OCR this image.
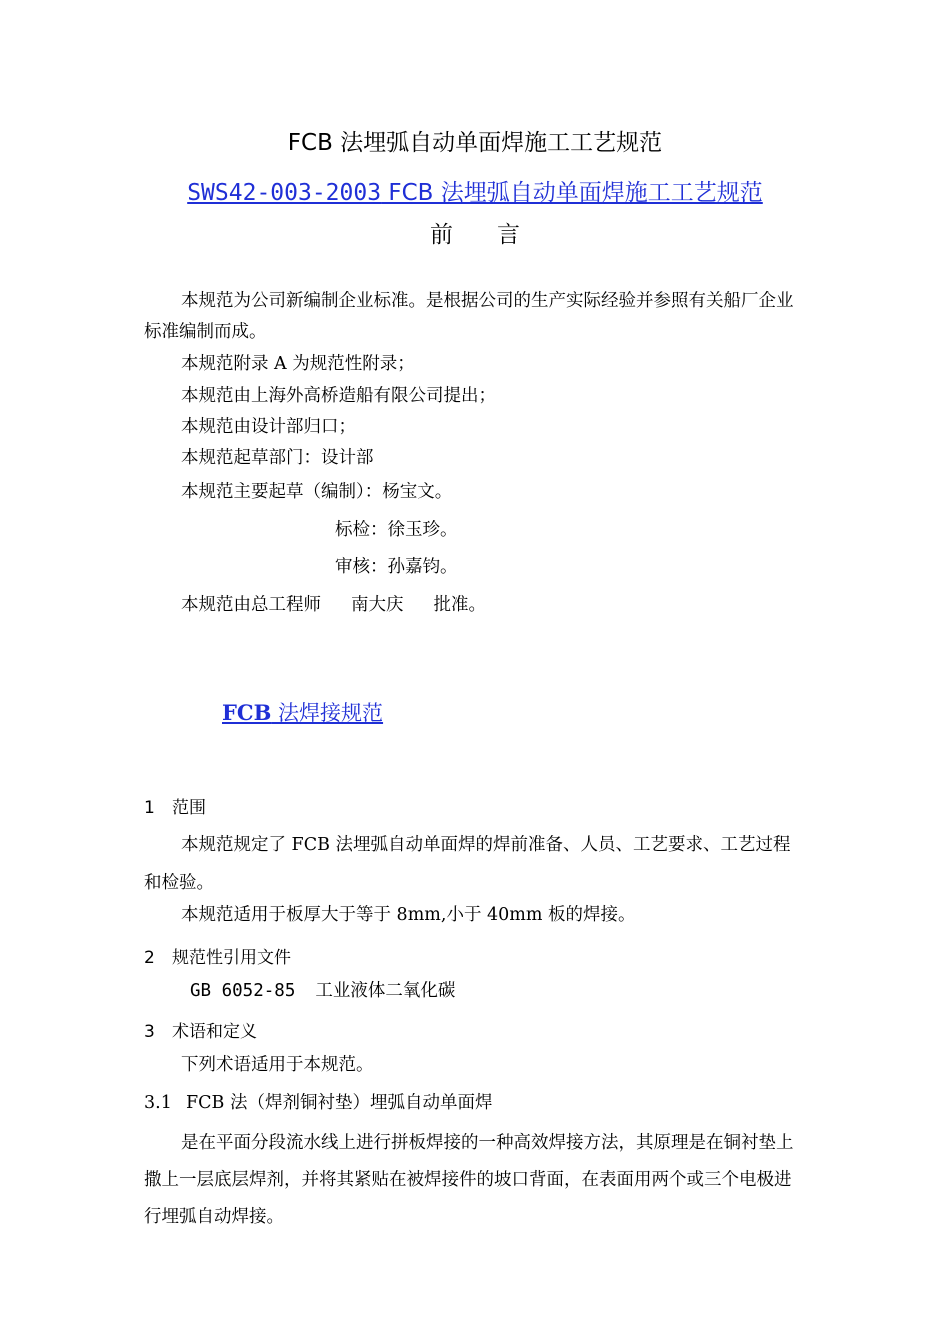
FCB 法埋弧自动单面焊施工工艺规范
SWS42-003-2003 FCB 法埋弧自动单面焊施工工艺规范
前 言
本规范为公司新编制企业标准。是根据公司的生产实际经验并参照有关船厂企业标准编制而成。
本规范附录 A 为规范性附录；
本规范由上海外高桥造船有限公司提出；
本规范由设计部归口；
本规范起草部门：设计部
本规范主要起草（编制）：杨宝文。
标检：徐玉珍。
审核：孙嘉钧。
本规范由总工程师 南大庆 批准。
FCB 法焊接规范
1 范围
本规范规定了 FCB 法埋弧自动单面焊的焊前准备、人员、工艺要求、工艺过程和检验。
本规范适用于板厚大于等于 8mm,小于 40mm 板的焊接。
2 规范性引用文件
GB 6052-85 工业液体二氧化碳
3 术语和定义
下列术语适用于本规范。
3.1 FCB 法（焊剂铜衬垫）埋弧自动单面焊
是在平面分段流水线上进行拼板焊接的一种高效焊接方法，其原理是在铜衬垫上撒上一层底层焊剂，并将其紧贴在被焊接件的坡口背面，在表面用两个或三个电极进行埋弧自动焊接。
